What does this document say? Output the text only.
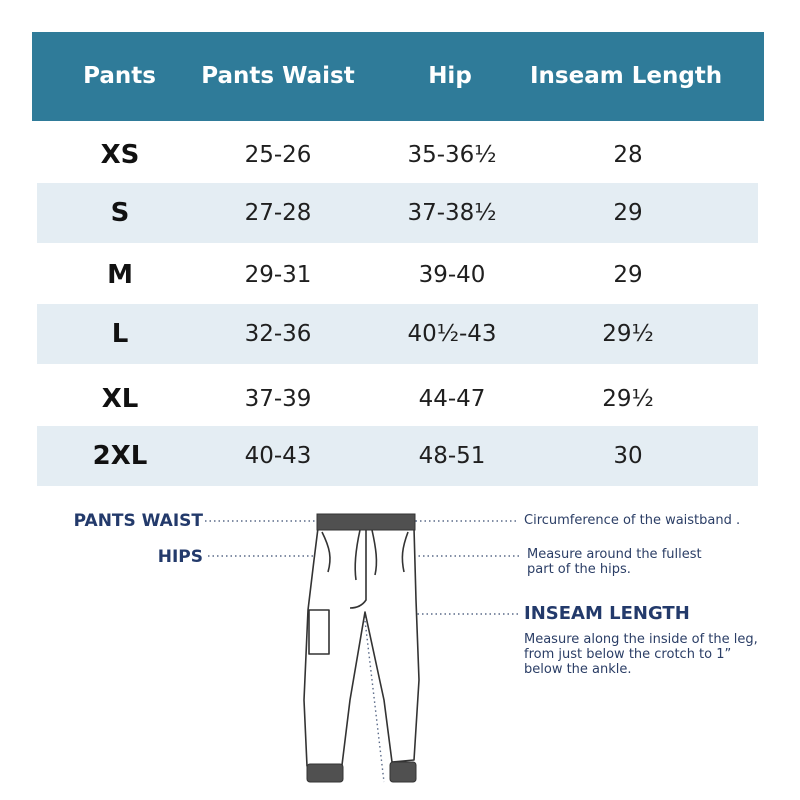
Pants	Pants Waist	Hip	Inseam Length
XS	25-26	35-36½	28
S	27-28	37-38½	29
M	29-31	39-40	29
L	32-36	40½-43	29½
XL	37-39	44-47	29½
2XL	40-43	48-51	30
PANTS WAIST
HIPS
Circumference of the waistband .
Measure around the fullest
part of the hips.
INSEAM LENGTH
Measure along the inside of the leg,
from just below the crotch to 1”
below the ankle.
